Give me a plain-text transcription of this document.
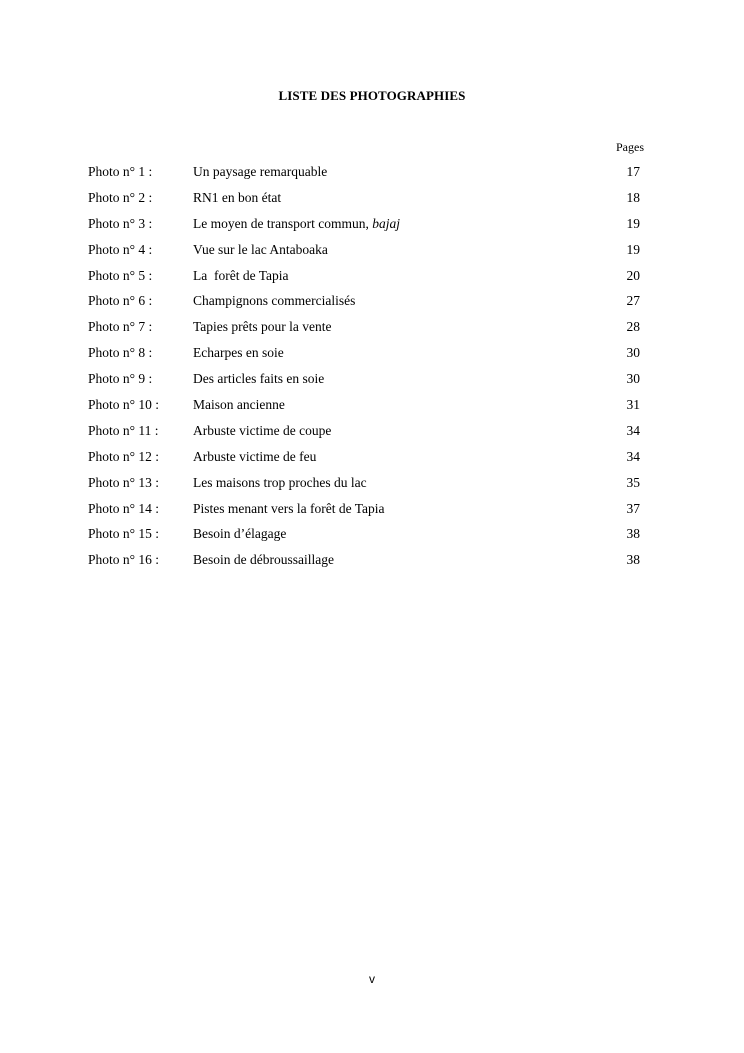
LISTE DES PHOTOGRAPHIES
Pages
Photo n° 1 :	Un paysage remarquable	17
Photo n° 2 :	RN1 en bon état	18
Photo n° 3 :	Le moyen de transport commun, bajaj	19
Photo n° 4 :	Vue sur le lac Antaboaka	19
Photo n° 5 :	La  forêt de Tapia	20
Photo n° 6 :	Champignons commercialisés	27
Photo n° 7 :	Tapies prêts pour la vente	28
Photo n° 8 :	Echarpes en soie	30
Photo n° 9 :	Des articles faits en soie	30
Photo n° 10 :	Maison ancienne	31
Photo n° 11 :	Arbuste victime de coupe	34
Photo n° 12 :	Arbuste victime de feu	34
Photo n° 13 :	Les maisons trop proches du lac	35
Photo n° 14 :	Pistes menant vers la forêt de Tapia	37
Photo n° 15 :	Besoin d’élagage	38
Photo n° 16 :	Besoin de débroussaillage	38
v
